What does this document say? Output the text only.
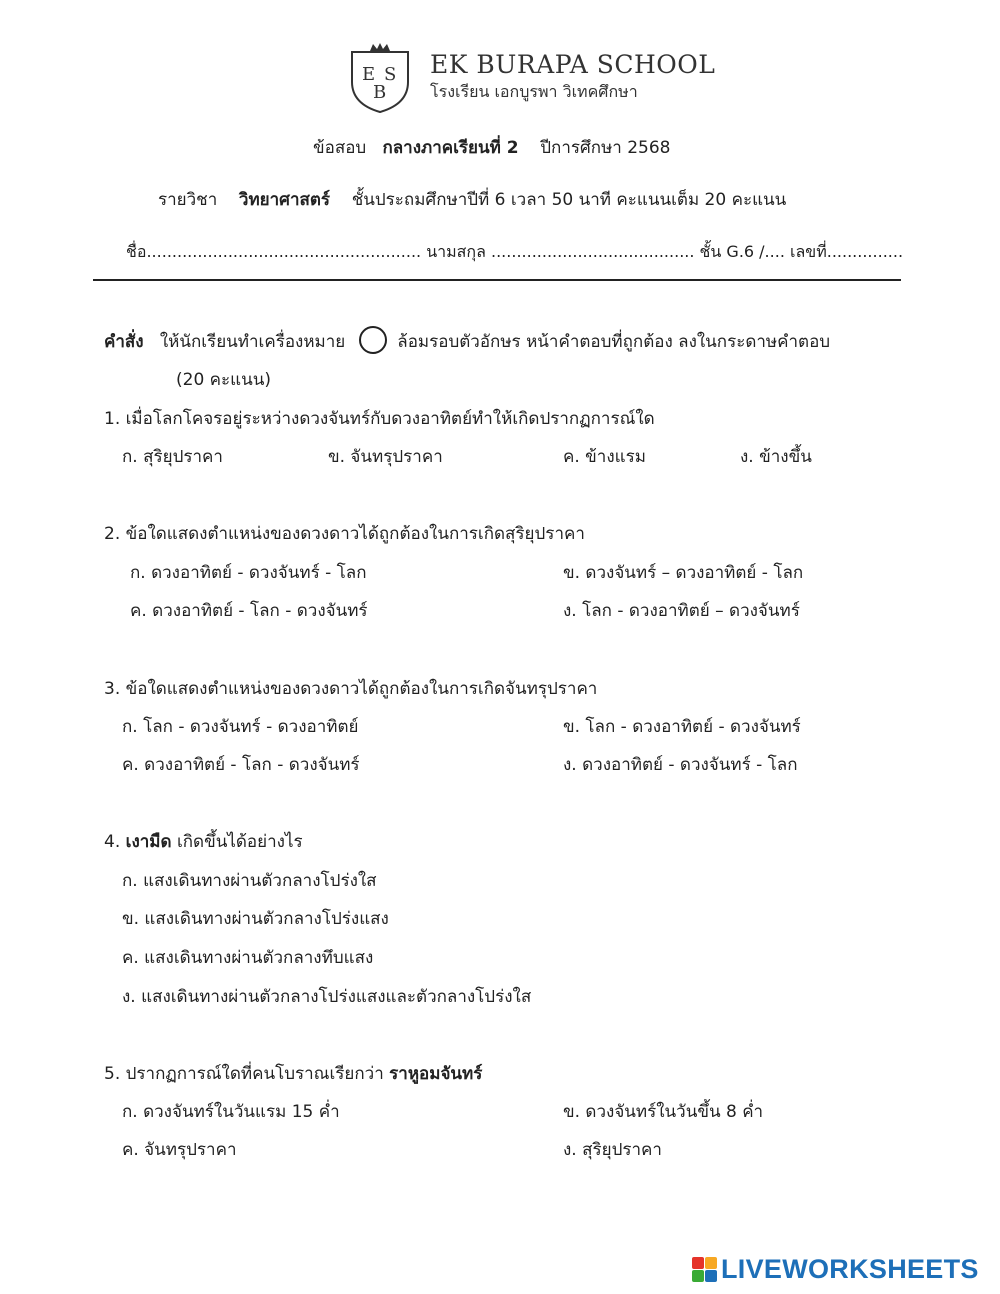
E S
B
EK BURAPA SCHOOL
โรงเรียน เอกบูรพา วิเทคศึกษา
ข้อสอบ กลางภาคเรียนที่ 2 ปีการศึกษา 2568
รายวิชา วิทยาศาสตร์ ชั้นประถมศึกษาปีที่ 6 เวลา 50 นาที คะแนนเต็ม 20 คะแนน
ชื่อ...................................................... นามสกุล ........................................ ชั้น G.6 /.... เลขที่...............
คำสั่ง ให้นักเรียนทำเครื่องหมาย ○ ล้อมรอบตัวอักษร หน้าคำตอบที่ถูกต้อง ลงในกระดาษคำตอบ
(20 คะแนน)
1. เมื่อโลกโคจรอยู่ระหว่างดวงจันทร์กับดวงอาทิตย์ทำให้เกิดปรากฏการณ์ใด
ก. สุริยุปราคา	ข. จันทรุปราคา	ค. ข้างแรม	ง. ข้างขึ้น
2. ข้อใดแสดงตำแหน่งของดวงดาวได้ถูกต้องในการเกิดสุริยุปราคา
ก. ดวงอาทิตย์ - ดวงจันทร์ - โลก	ข. ดวงจันทร์ – ดวงอาทิตย์ - โลก
ค. ดวงอาทิตย์ - โลก - ดวงจันทร์	ง. โลก - ดวงอาทิตย์ – ดวงจันทร์
3. ข้อใดแสดงตำแหน่งของดวงดาวได้ถูกต้องในการเกิดจันทรุปราคา
ก. โลก - ดวงจันทร์ - ดวงอาทิตย์	ข. โลก - ดวงอาทิตย์ - ดวงจันทร์
ค. ดวงอาทิตย์ - โลก - ดวงจันทร์	ง. ดวงอาทิตย์ - ดวงจันทร์ - โลก
4. เงามืด เกิดขึ้นได้อย่างไร
ก. แสงเดินทางผ่านตัวกลางโปร่งใส
ข. แสงเดินทางผ่านตัวกลางโปร่งแสง
ค. แสงเดินทางผ่านตัวกลางทึบแสง
ง. แสงเดินทางผ่านตัวกลางโปร่งแสงและตัวกลางโปร่งใส
5. ปรากฏการณ์ใดที่คนโบราณเรียกว่า ราหูอมจันทร์
ก. ดวงจันทร์ในวันแรม 15 ค่ำ	ข. ดวงจันทร์ในวันขึ้น 8 ค่ำ
ค. จันทรุปราคา	ง. สุริยุปราคา
LIVEWORKSHEETS
